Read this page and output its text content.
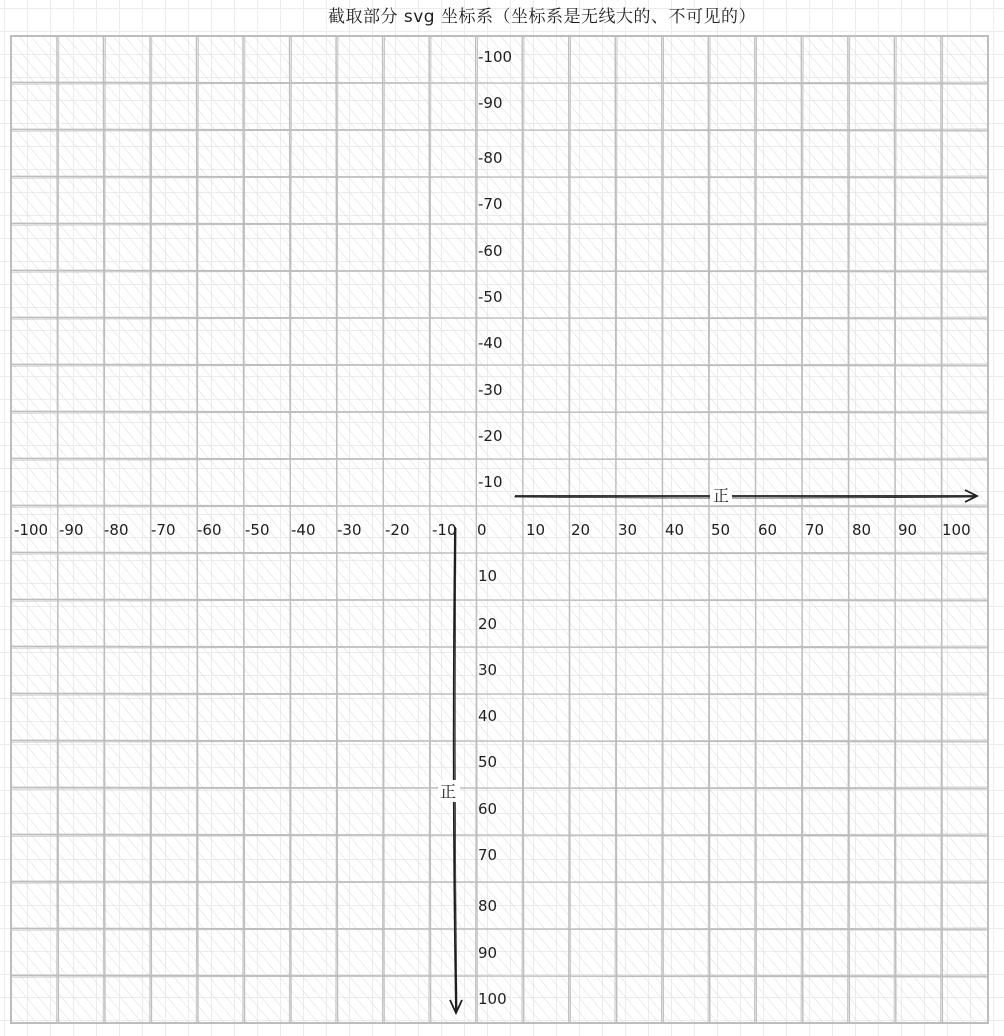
截取部分 svg 坐标系（坐标系是无线大的、不可见的）
-100 -90 -80 -70 -60 -50 -40 -30 -20 -10 0	10 20 30 40 50 60 70 80 90 100
-100
-90
-80
-70
-60
-50
-40
-30
-20
-10
10
20
30
40
50
60
70
80
90
100
正
正
